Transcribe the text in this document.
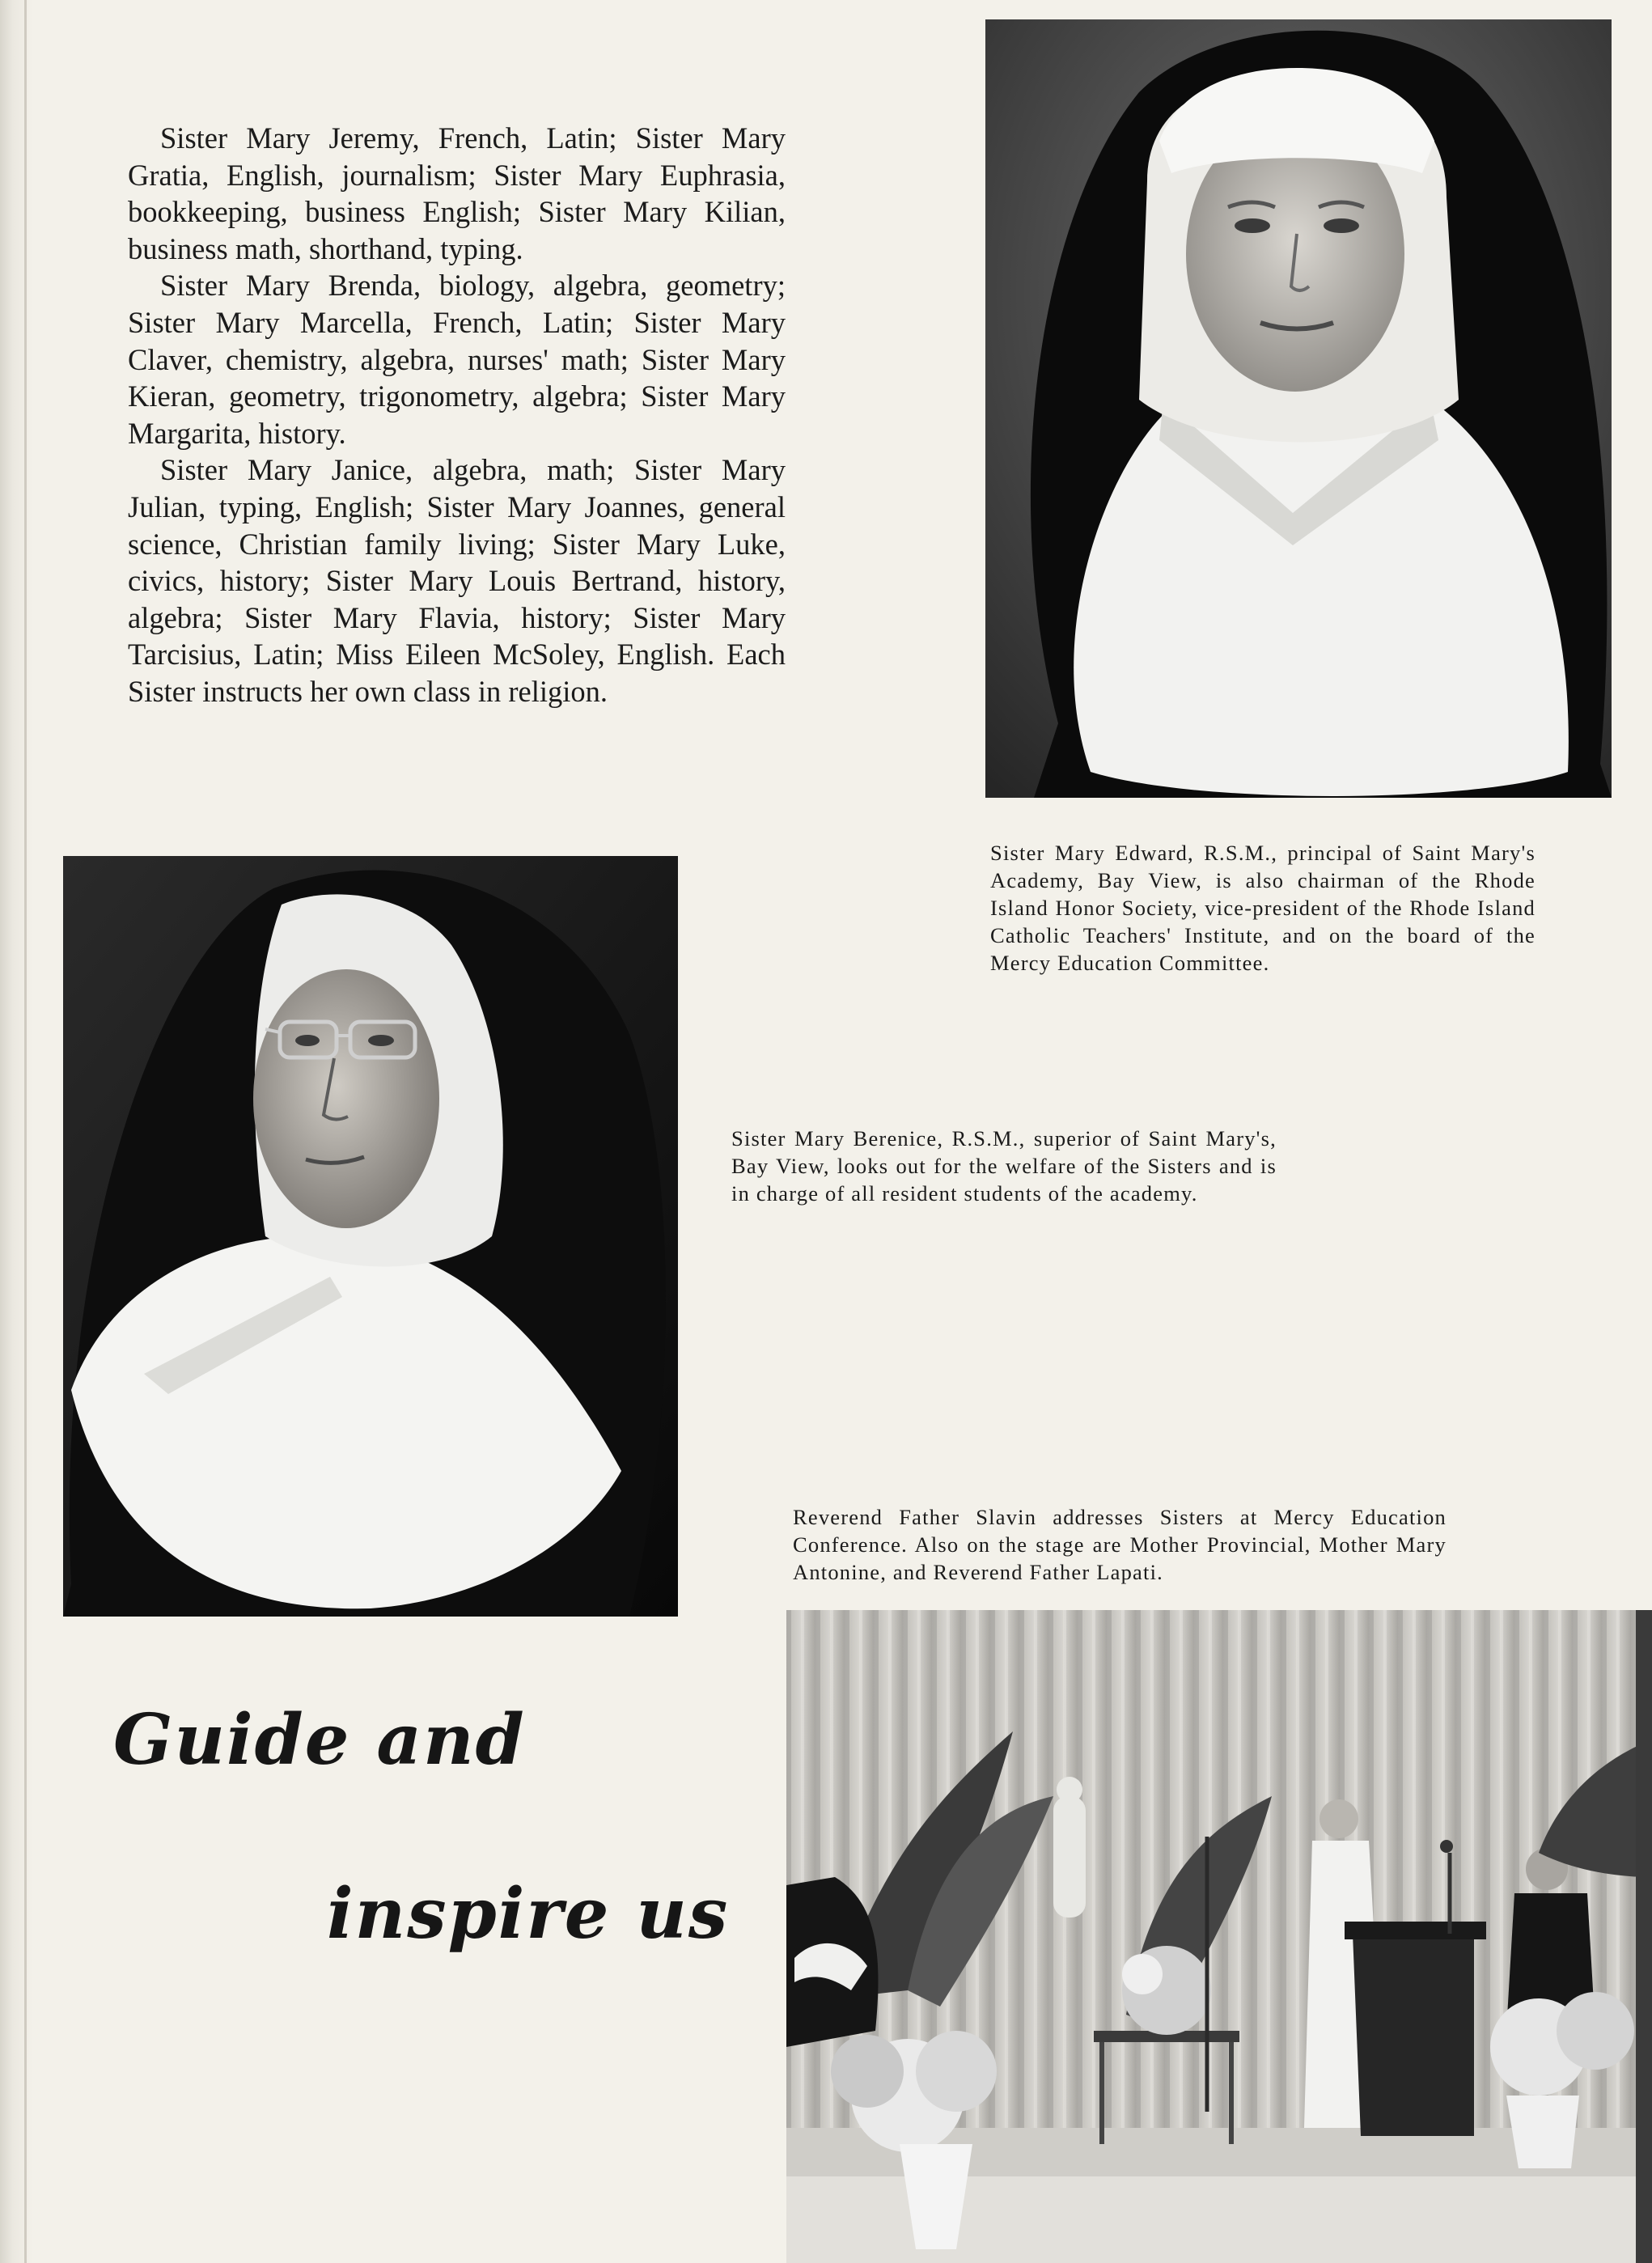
Sister Mary Jeremy, French, Latin; Sister Mary Gratia, English, journalism; Sister Mary Euphrasia, bookkeeping, business English; Sister Mary Kilian, business math, shorthand, typing.

Sister Mary Brenda, biology, algebra, geometry; Sister Mary Marcella, French, Latin; Sister Mary Claver, chemistry, algebra, nurses' math; Sister Mary Kieran, geometry, trigonometry, algebra; Sister Mary Margarita, history.

Sister Mary Janice, algebra, math; Sister Mary Julian, typing, English; Sister Mary Joannes, general science, Christian family living; Sister Mary Luke, civics, history; Sister Mary Louis Bertrand, history, algebra; Sister Mary Flavia, history; Sister Mary Tarcisius, Latin; Miss Eileen McSoley, English. Each Sister instructs her own class in religion.

Sister Mary Edward, R.S.M., principal of Saint Mary's Academy, Bay View, is also chairman of the Rhode Island Honor Society, vice-president of the Rhode Island Catholic Teachers' Institute, and on the board of the Mercy Education Committee.

Sister Mary Berenice, R.S.M., superior of Saint Mary's, Bay View, looks out for the welfare of the Sisters and is in charge of all resident students of the academy.

Reverend Father Slavin addresses Sisters at Mercy Education Conference. Also on the stage are Mother Provincial, Mother Mary Antonine, and Reverend Father Lapati.

Guide and
inspire us
